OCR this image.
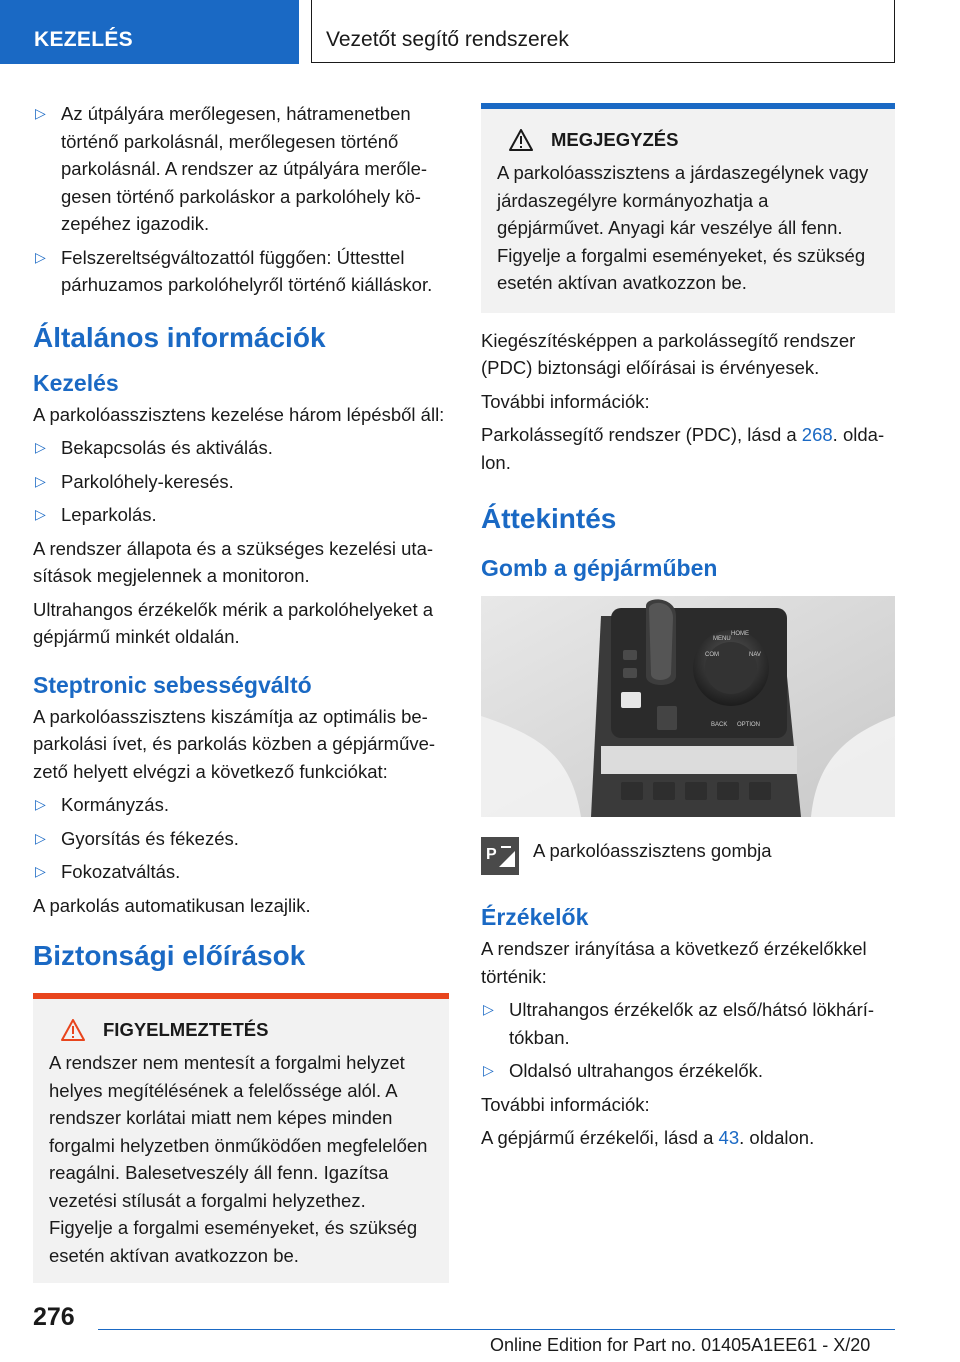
KEZELÉS	Vezetőt segítő rendszerek
▷ Az útpályára merőlegesen, hátramenetben történő parkolásnál, merőlegesen történő parkolásnál. A rendszer az útpályára merőlegesen történő parkoláskor a parkolóhely közepéhez igazodik.
▷ Felszereltségváltozattól függően: Úttesttel párhuzamos parkolóhelyről történő kiálláskor.
Általános információk
Kezelés
A parkolóasszisztens kezelése három lépésből áll:
▷ Bekapcsolás és aktiválás.
▷ Parkolóhely-keresés.
▷ Leparkolás.
A rendszer állapota és a szükséges kezelési utasítások megjelennek a monitoron.
Ultrahangos érzékelők mérik a parkolóhelyeket a gépjármű minkét oldalán.
Steptronic sebességváltó
A parkolóasszisztens kiszámítja az optimális beparkolási ívet, és parkolás közben a gépjárművezető helyett elvégzi a következő funkciókat:
▷ Kormányzás.
▷ Gyorsítás és fékezés.
▷ Fokozatváltás.
A parkolás automatikusan lezajlik.
Biztonsági előírások
FIGYELMEZTETÉS
A rendszer nem mentesít a forgalmi helyzet helyes megítélésének a felelőssége alól. A rendszer korlátai miatt nem képes minden forgalmi helyzetben önműködően megfelelően reagálni. Balesetveszély áll fenn. Igazítsa vezetési stílusát a forgalmi helyzethez. Figyelje a forgalmi eseményeket, és szükség esetén aktívan avatkozzon be.
MEGJEGYZÉS
A parkolóasszisztens a járdaszegélynek vagy járdaszegélyre kormányozhatja a gépjárművet. Anyagi kár veszélye áll fenn. Figyelje a forgalmi eseményeket, és szükség esetén aktívan avatkozzon be.
Kiegészítésképpen a parkolássegítő rendszer (PDC) biztonsági előírásai is érvényesek.
További információk:
Parkolássegítő rendszer (PDC), lásd a 268. oldalon.
Áttekintés
Gomb a gépjárműben
MENU
HOME
COM	NAV
BACK OPTION
P A parkolóasszisztens gombja
Érzékelők
A rendszer irányítása a következő érzékelőkkel történik:
▷ Ultrahangos érzékelők az első/hátsó lökhárítókban.
▷ Oldalsó ultrahangos érzékelők.
További információk:
A gépjármű érzékelői, lásd a 43. oldalon.
276
Online Edition for Part no. 01405A1EE61 - X/20
